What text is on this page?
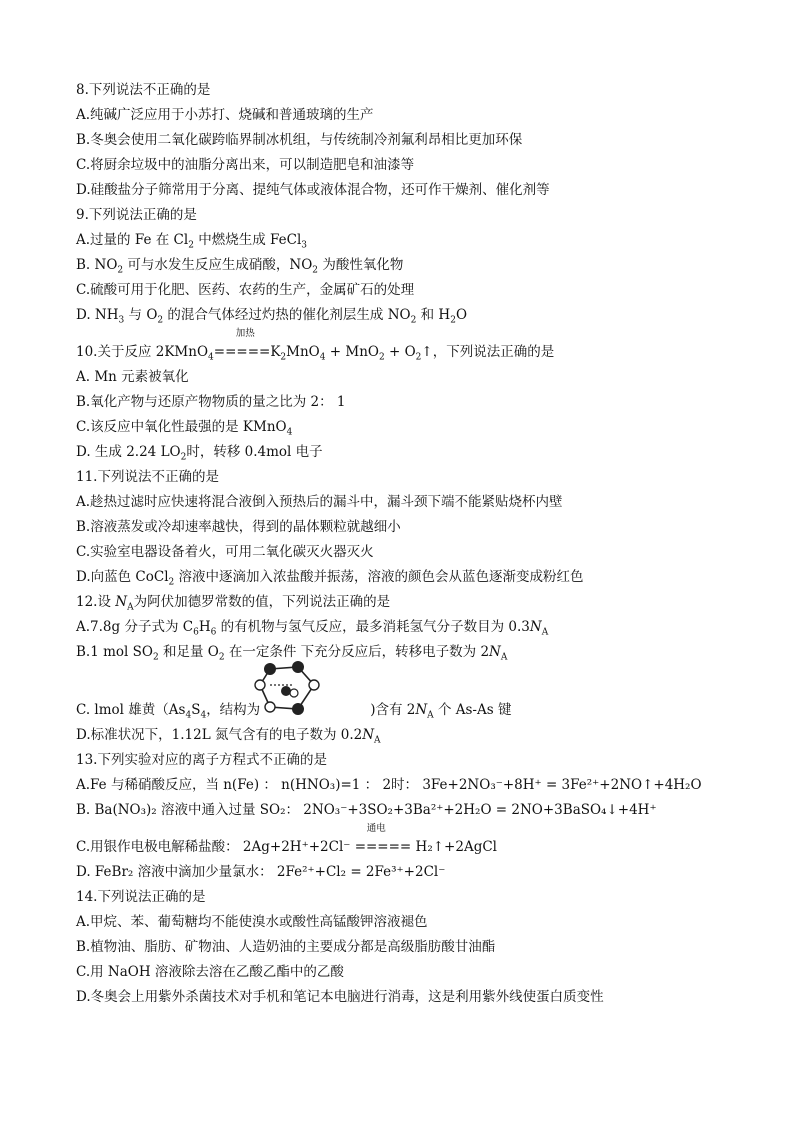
8.下列说法不正确的是
A.纯碱广泛应用于小苏打、烧碱和普通玻璃的生产
B.冬奥会使用二氧化碳跨临界制冰机组，与传统制冷剂氟利昂相比更加环保
C.将厨余垃圾中的油脂分离出来，可以制造肥皂和油漆等
D.硅酸盐分子筛常用于分离、提纯气体或液体混合物，还可作干燥剂、催化剂等
9.下列说法正确的是
A.过量的 Fe 在 $Cl_2$ 中燃烧生成 FeCl$_3$
B. $NO_2$ 可与水发生反应生成硝酸，$NO_2$ 为酸性氧化物
C.硫酸可用于化肥、医药、农药的生产，金属矿石的处理
D. $NH_3$ 与 $O_2$ 的混合气体经过灼热的催化剂层生成 $NO_2$ 和 $H_2O$
10.关于反应 2KMnO$_4$
加热
$=====K_2MnO_4 + MnO_2$ + $O_2↑$，下列说法正确的是
A. Mn 元素被氧化
B.氧化产物与还原产物物质的量之比为 2： 1
C.该反应中氧化性最强的是 KMnO$_4$
D. 生成 2.24 $LO_2$时，转移 0.4mol 电子
11.下列说法不正确的是
A.趁热过滤时应快速将混合液倒入预热后的漏斗中，漏斗颈下端不能紧贴烧杯内壁
B.溶液蒸发或冷却速率越快，得到的晶体颗粒就越细小
C.实验室电器设备着火，可用二氧化碳灭火器灭火
D.向蓝色 CoCl$_2$ 溶液中逐滴加入浓盐酸并振荡，溶液的颜色会从蓝色逐渐变成粉红色
12.设 $N_A$为阿伏加德罗常数的值，下列说法正确的是
A.7.8g 分子式为 $C_6H_6$ 的有机物与氢气反应，最多消耗氢气分子数目为 $0.3N_A$
B.1 mol $SO_2$ 和足量 $O_2$ 在一定条件 下充分反应后，转移电子数为 $2N_A$
C. lmol 雄黄（$As_4S_4$，结构为	)含有 $2N_A$ 个 As-As 键
D.标准状况下，1.12L 氮气含有的电子数为 $0.2N_A$
13.下列实验对应的离子方程式不正确的是
A.Fe 与稀硝酸反应，当 n(Fe) ： n(HNO₃)=1 ： 2时： 3Fe+2NO₃⁻+8H⁺ = 3Fe²⁺+2NO↑+4H₂O
B. Ba(NO₃)₂ 溶液中通入过量 SO₂： 2NO₃⁻+3SO₂+3Ba²⁺+2H₂O = 2NO+3BaSO₄↓+4H⁺
C.用银作电极电解稀盐酸： 2Ag+2H⁺+2Cl⁻
通电
===== H₂↑+2AgCl
D. FeBr₂ 溶液中滴加少量氯水： 2Fe²⁺+Cl₂ = 2Fe³⁺+2Cl⁻
14.下列说法正确的是
A.甲烷、苯、葡萄糖均不能使溴水或酸性高锰酸钾溶液褪色
B.植物油、脂肪、矿物油、人造奶油的主要成分都是高级脂肪酸甘油酯
C.用 NaOH 溶液除去溶在乙酸乙酯中的乙酸
D.冬奥会上用紫外杀菌技术对手机和笔记本电脑进行消毒，这是利用紫外线使蛋白质变性
